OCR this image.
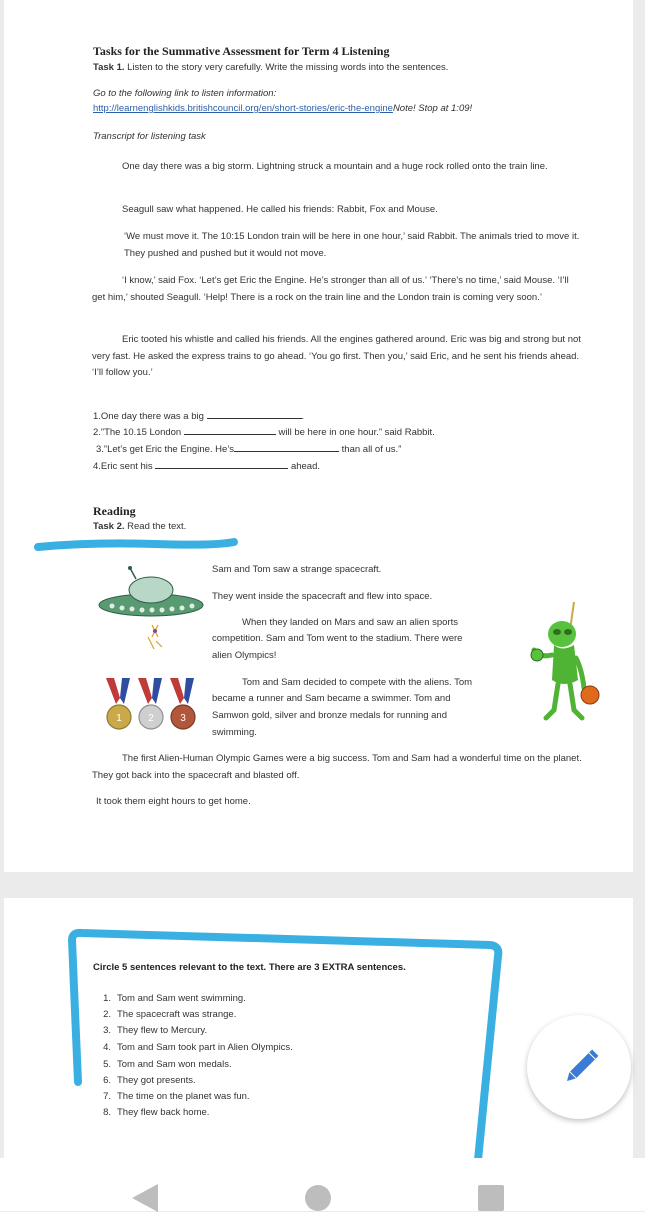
Tasks for the Summative Assessment for Term 4 Listening
Task 1. Listen to the story very carefully. Write the missing words into the sentences.
Go to the following link to listen information:
http://learnenglishkids.britishcouncil.org/en/short-stories/eric-the-engineNote! Stop at 1:09!
Transcript for listening task
One day there was a big storm. Lightning struck a mountain and a huge rock rolled onto the train line.
Seagull saw what happened. He called his friends: Rabbit, Fox and Mouse.
‘We must move it. The 10:15 London train will be here in one hour,’ said Rabbit. The animals tried to move it. They pushed and pushed but it would not move.
‘I know,’ said Fox. ‘Let’s get Eric the Engine. He’s stronger than all of us.’ ‘There’s no time,’ said Mouse. ‘I’ll get him,’ shouted Seagull. ‘Help! There is a rock on the train line and the London train is coming very soon.’
Eric tooted his whistle and called his friends. All the engines gathered around. Eric was big and strong but not very fast. He asked the express trains to go ahead. ‘You go first. Then you,’ said Eric, and he sent his friends ahead. ‘I’ll follow you.’
1.One day there was a big	.
2.”The 10.15 London	will be here in one hour.” said Rabbit.
3.”Let’s get Eric the Engine. He’s	than all of us.”
4.Eric sent his	ahead.
Reading
Task 2. Read the text.
1	2	3
Sam and Tom saw a strange spacecraft.
They went inside the spacecraft and flew into space.
When they landed on Mars and saw an alien sports
competition. Sam and Tom went to the stadium. There were
alien Olympics!
Tom and Sam decided to compete with the aliens. Tom
became a runner and Sam became a swimmer. Tom and
Samwon gold, silver and bronze medals for running and
swimming.
The first Alien-Human Olympic Games were a big success. Tom and Sam had a wonderful time on the planet. They got back into the spacecraft and blasted off.
It took them eight hours to get home.
Circle 5 sentences relevant to the text. There are 3 EXTRA sentences.
1. Tom and Sam went swimming.
2. The spacecraft was strange.
3. They flew to Mercury.
4. Tom and Sam took part in Alien Olympics.
5. Tom and Sam won medals.
6. They got presents.
7. The time on the planet was fun.
8. They flew back home.
